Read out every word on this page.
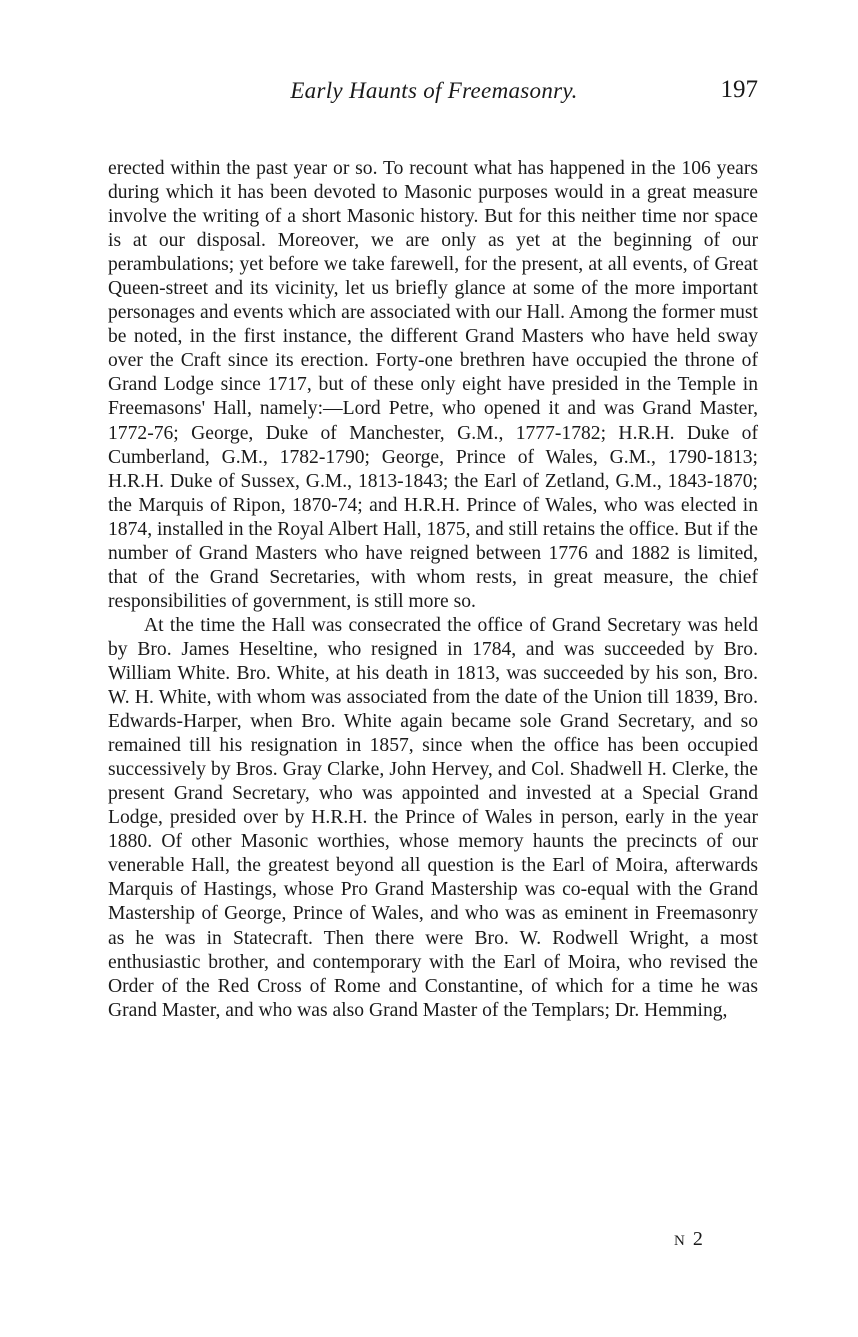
Early Haunts of Freemasonry.	197

erected within the past year or so. To recount what has happened in the 106 years during which it has been devoted to Masonic purposes would in a great measure involve the writing of a short Masonic history. But for this neither time nor space is at our disposal. Moreover, we are only as yet at the beginning of our perambulations; yet before we take farewell, for the present, at all events, of Great Queen-street and its vicinity, let us briefly glance at some of the more important personages and events which are associated with our Hall. Among the former must be noted, in the first instance, the different Grand Masters who have held sway over the Craft since its erection. Forty-one brethren have occupied the throne of Grand Lodge since 1717, but of these only eight have presided in the Temple in Freemasons' Hall, namely:—Lord Petre, who opened it and was Grand Master, 1772-76; George, Duke of Manchester, G.M., 1777-1782; H.R.H. Duke of Cumberland, G.M., 1782-1790; George, Prince of Wales, G.M., 1790-1813; H.R.H. Duke of Sussex, G.M., 1813-1843; the Earl of Zetland, G.M., 1843-1870; the Marquis of Ripon, 1870-74; and H.R.H. Prince of Wales, who was elected in 1874, installed in the Royal Albert Hall, 1875, and still retains the office. But if the number of Grand Masters who have reigned between 1776 and 1882 is limited, that of the Grand Secretaries, with whom rests, in great measure, the chief responsibilities of government, is still more so.

At the time the Hall was consecrated the office of Grand Secretary was held by Bro. James Heseltine, who resigned in 1784, and was succeeded by Bro. William White. Bro. White, at his death in 1813, was succeeded by his son, Bro. W. H. White, with whom was associated from the date of the Union till 1839, Bro. Edwards-Harper, when Bro. White again became sole Grand Secretary, and so remained till his resignation in 1857, since when the office has been occupied successively by Bros. Gray Clarke, John Hervey, and Col. Shadwell H. Clerke, the present Grand Secretary, who was appointed and invested at a Special Grand Lodge, presided over by H.R.H. the Prince of Wales in person, early in the year 1880. Of other Masonic worthies, whose memory haunts the precincts of our venerable Hall, the greatest beyond all question is the Earl of Moira, afterwards Marquis of Hastings, whose Pro Grand Mastership was co-equal with the Grand Mastership of George, Prince of Wales, and who was as eminent in Freemasonry as he was in Statecraft. Then there were Bro. W. Rodwell Wright, a most enthusiastic brother, and contemporary with the Earl of Moira, who revised the Order of the Red Cross of Rome and Constantine, of which for a time he was Grand Master, and who was also Grand Master of the Templars; Dr. Hemming,

N 2
